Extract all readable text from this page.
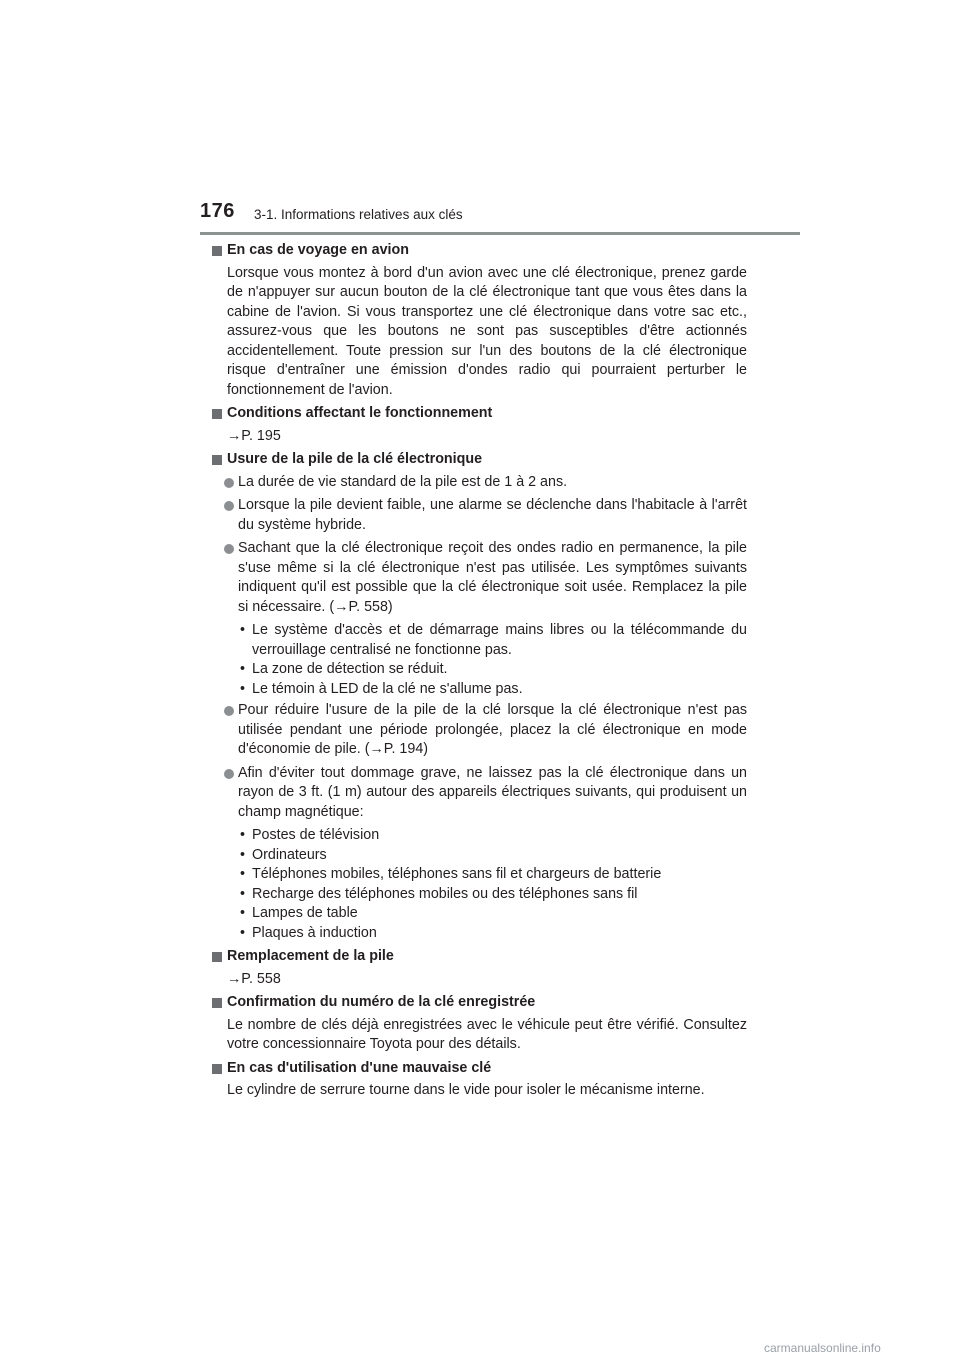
176 3-1. Informations relatives aux clés
En cas de voyage en avion
Lorsque vous montez à bord d'un avion avec une clé électronique, prenez garde de n'appuyer sur aucun bouton de la clé électronique tant que vous êtes dans la cabine de l'avion. Si vous transportez une clé électronique dans votre sac etc., assurez-vous que les boutons ne sont pas susceptibles d'être actionnés accidentellement. Toute pression sur l'un des boutons de la clé électronique risque d'entraîner une émission d'ondes radio qui pourraient perturber le fonctionnement de l'avion.
Conditions affectant le fonctionnement
→P. 195
Usure de la pile de la clé électronique
La durée de vie standard de la pile est de 1 à 2 ans.
Lorsque la pile devient faible, une alarme se déclenche dans l'habitacle à l'arrêt du système hybride.
Sachant que la clé électronique reçoit des ondes radio en permanence, la pile s'use même si la clé électronique n'est pas utilisée. Les symptômes suivants indiquent qu'il est possible que la clé électronique soit usée. Remplacez la pile si nécessaire. (→P. 558)
• Le système d'accès et de démarrage mains libres ou la télécommande du verrouillage centralisé ne fonctionne pas.
• La zone de détection se réduit.
• Le témoin à LED de la clé ne s'allume pas.
Pour réduire l'usure de la pile de la clé lorsque la clé électronique n'est pas utilisée pendant une période prolongée, placez la clé électronique en mode d'économie de pile. (→P. 194)
Afin d'éviter tout dommage grave, ne laissez pas la clé électronique dans un rayon de 3 ft. (1 m) autour des appareils électriques suivants, qui produisent un champ magnétique:
• Postes de télévision
• Ordinateurs
• Téléphones mobiles, téléphones sans fil et chargeurs de batterie
• Recharge des téléphones mobiles ou des téléphones sans fil
• Lampes de table
• Plaques à induction
Remplacement de la pile
→P. 558
Confirmation du numéro de la clé enregistrée
Le nombre de clés déjà enregistrées avec le véhicule peut être vérifié. Consultez votre concessionnaire Toyota pour des détails.
En cas d'utilisation d'une mauvaise clé
Le cylindre de serrure tourne dans le vide pour isoler le mécanisme interne.
carmanualsonline.info
